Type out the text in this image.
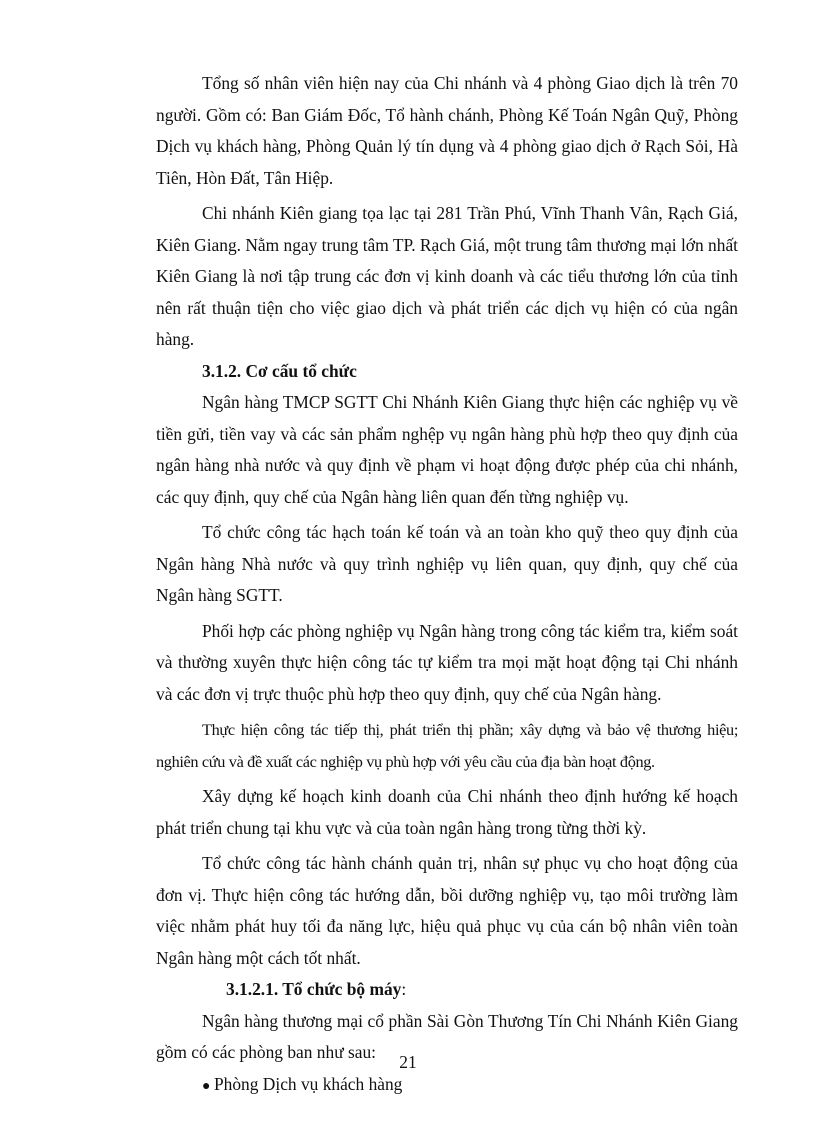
Tổng số nhân viên hiện nay của Chi nhánh và 4 phòng Giao dịch là trên 70 người. Gồm có: Ban Giám Đốc, Tổ hành chánh, Phòng Kế Toán Ngân Quỹ, Phòng Dịch vụ khách hàng, Phòng Quản lý tín dụng và 4 phòng giao dịch ở Rạch Sỏi, Hà Tiên, Hòn Đất, Tân Hiệp.

Chi nhánh Kiên giang tọa lạc tại 281 Trần Phú, Vĩnh Thanh Vân, Rạch Giá, Kiên Giang. Nằm ngay trung tâm TP. Rạch Giá, một trung tâm thương mại lớn nhất Kiên Giang là nơi tập trung các đơn vị kinh doanh và các tiểu thương lớn của tỉnh nên rất thuận tiện cho việc giao dịch và phát triển các dịch vụ hiện có của ngân hàng.

3.1.2. Cơ cấu tổ chức

Ngân hàng TMCP SGTT Chi Nhánh Kiên Giang thực hiện các nghiệp vụ về tiền gửi, tiền vay và các sản phẩm nghệp vụ ngân hàng phù hợp theo quy định của ngân hàng nhà nước và quy định về phạm vi hoạt động được phép của chi nhánh, các quy định, quy chế của Ngân hàng liên quan đến từng nghiệp vụ.

Tổ chức công tác hạch toán kế toán và an toàn kho quỹ theo quy định của Ngân hàng Nhà nước và quy trình nghiệp vụ liên quan, quy định, quy chế của Ngân hàng SGTT.

Phối hợp các phòng nghiệp vụ Ngân hàng trong công tác kiểm tra, kiểm soát và thường xuyên thực hiện công tác tự kiểm tra mọi mặt hoạt động tại Chi nhánh và các đơn vị trực thuộc phù hợp theo quy định, quy chế của Ngân hàng.

Thực hiện công tác tiếp thị, phát triển thị phần; xây dựng và bảo vệ thương hiệu; nghiên cứu và đề xuất các nghiệp vụ phù hợp với yêu cầu của địa bàn hoạt động.

Xây dựng kế hoạch kinh doanh của Chi nhánh theo định hướng kế hoạch phát triển chung tại khu vực và của toàn ngân hàng trong từng thời kỳ.

Tổ chức công tác hành chánh quản trị, nhân sự phục vụ cho hoạt động của đơn vị. Thực hiện công tác hướng dẫn, bồi dưỡng nghiệp vụ, tạo môi trường làm việc nhằm phát huy tối đa năng lực, hiệu quả phục vụ của cán bộ nhân viên toàn Ngân hàng một cách tốt nhất.

3.1.2.1. Tổ chức bộ máy:

Ngân hàng thương mại cổ phần Sài Gòn Thương Tín Chi Nhánh Kiên Giang gồm có các phòng ban như sau:

● Phòng Dịch vụ khách hàng

21
